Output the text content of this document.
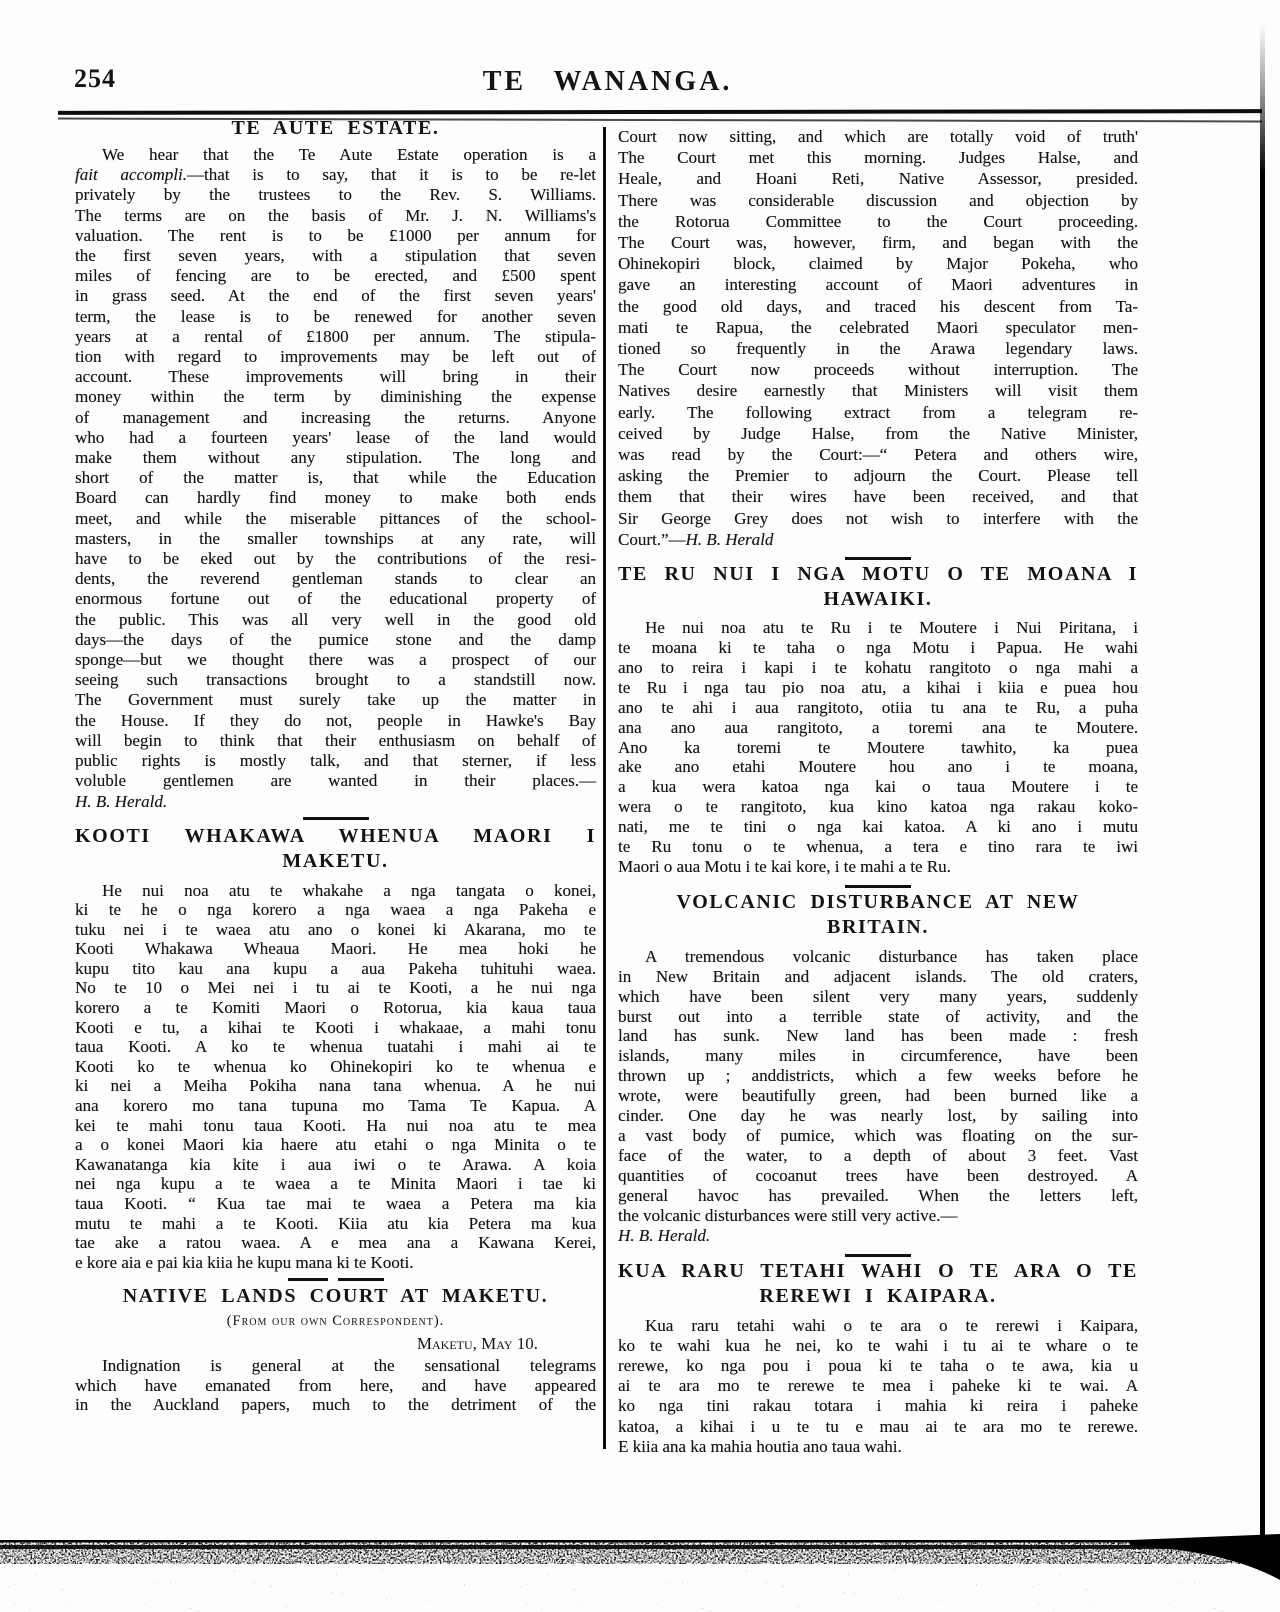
254	TE WANANGA.
TE AUTE ESTATE.
We hear that the Te Aute Estate operation is a
fait accompli.—that is to say, that it is to be re-let
privately by the trustees to the Rev. S. Williams.
The terms are on the basis of Mr. J. N. Williams's
valuation. The rent is to be £1000 per annum for
the first seven years, with a stipulation that seven
miles of fencing are to be erected, and £500 spent
in grass seed. At the end of the first seven years'
term, the lease is to be renewed for another seven
years at a rental of £1800 per annum. The stipula-
tion with regard to improvements may be left out of
account. These improvements will bring in their
money within the term by diminishing the expense
of management and increasing the returns. Anyone
who had a fourteen years' lease of the land would
make them without any stipulation. The long and
short of the matter is, that while the Education
Board can hardly find money to make both ends
meet, and while the miserable pittances of the school-
masters, in the smaller townships at any rate, will
have to be eked out by the contributions of the resi-
dents, the reverend gentleman stands to clear an
enormous fortune out of the educational property of
the public. This was all very well in the good old
days—the days of the pumice stone and the damp
sponge—but we thought there was a prospect of our
seeing such transactions brought to a standstill now.
The Government must surely take up the matter in
the House. If they do not, people in Hawke's Bay
will begin to think that their enthusiasm on behalf of
public rights is mostly talk, and that sterner, if less
voluble gentlemen are wanted in their places.—
H. B. Herald.
KOOTI WHAKAWA WHENUA MAORI I
MAKETU.
He nui noa atu te whakahe a nga tangata o konei,
ki te he o nga korero a nga waea a nga Pakeha e
tuku nei i te waea atu ano o konei ki Akarana, mo te
Kooti Whakawa Wheaua Maori. He mea hoki he
kupu tito kau ana kupu a aua Pakeha tuhituhi waea.
No te 10 o Mei nei i tu ai te Kooti, a he nui nga
korero a te Komiti Maori o Rotorua, kia kaua taua
Kooti e tu, a kihai te Kooti i whakaae, a mahi tonu
taua Kooti. A ko te whenua tuatahi i mahi ai te
Kooti ko te whenua ko Ohinekopiri ko te whenua e
ki nei a Meiha Pokiha nana tana whenua. A he nui
ana korero mo tana tupuna mo Tama Te Kapua. A
kei te mahi tonu taua Kooti. Ha nui noa atu te mea
a o konei Maori kia haere atu etahi o nga Minita o te
Kawanatanga kia kite i aua iwi o te Arawa. A koia
nei nga kupu a te waea a te Minita Maori i tae ki
taua Kooti. “ Kua tae mai te waea a Petera ma kia
mutu te mahi a te Kooti. Kiia atu kia Petera ma kua
tae ake a ratou waea. A e mea ana a Kawana Kerei,
e kore aia e pai kia kiia he kupu mana ki te Kooti.
NATIVE LANDS COURT AT MAKETU.
(From our own Correspondent).
Maketu, May 10.
Indignation is general at the sensational telegrams
which have emanated from here, and have appeared
in the Auckland papers, much to the detriment of the
Court now sitting, and which are totally void of truth'
The Court met this morning. Judges Halse, and
Heale, and Hoani Reti, Native Assessor, presided.
There was considerable discussion and objection by
the Rotorua Committee to the Court proceeding.
The Court was, however, firm, and began with the
Ohinekopiri block, claimed by Major Pokeha, who
gave an interesting account of Maori adventures in
the good old days, and traced his descent from Ta-
mati te Rapua, the celebrated Maori speculator men-
tioned so frequently in the Arawa legendary laws.
The Court now proceeds without interruption. The
Natives desire earnestly that Ministers will visit them
early. The following extract from a telegram re-
ceived by Judge Halse, from the Native Minister,
was read by the Court:—“ Petera and others wire,
asking the Premier to adjourn the Court. Please tell
them that their wires have been received, and that
Sir George Grey does not wish to interfere with the
Court.”—H. B. Herald
TE RU NUI I NGA MOTU O TE MOANA I
HAWAIKI.
He nui noa atu te Ru i te Moutere i Nui Piritana, i
te moana ki te taha o nga Motu i Papua. He wahi
ano to reira i kapi i te kohatu rangitoto o nga mahi a
te Ru i nga tau pio noa atu, a kihai i kiia e puea hou
ano te ahi i aua rangitoto, otiia tu ana te Ru, a puha
ana ano aua rangitoto, a toremi ana te Moutere.
Ano ka toremi te Moutere tawhito, ka puea
ake ano etahi Moutere hou ano i te moana,
a kua wera katoa nga kai o taua Moutere i te
wera o te rangitoto, kua kino katoa nga rakau koko-
nati, me te tini o nga kai katoa. A ki ano i mutu
te Ru tonu o te whenua, a tera e tino rara te iwi
Maori o aua Motu i te kai kore, i te mahi a te Ru.
VOLCANIC DISTURBANCE AT NEW
BRITAIN.
A tremendous volcanic disturbance has taken place
in New Britain and adjacent islands. The old craters,
which have been silent very many years, suddenly
burst out into a terrible state of activity, and the
land has sunk. New land has been made : fresh
islands, many miles in circumference, have been
thrown up ; anddistricts, which a few weeks before he
wrote, were beautifully green, had been burned like a
cinder. One day he was nearly lost, by sailing into
a vast body of pumice, which was floating on the sur-
face of the water, to a depth of about 3 feet. Vast
quantities of cocoanut trees have been destroyed. A
general havoc has prevailed. When the letters left,
the volcanic disturbances were still very active.—
H. B. Herald.
KUA RARU TETAHI WAHI O TE ARA O TE
REREWI I KAIPARA.
Kua raru tetahi wahi o te ara o te rerewi i Kaipara,
ko te wahi kua he nei, ko te wahi i tu ai te whare o te
rerewe, ko nga pou i poua ki te taha o te awa, kia u
ai te ara mo te rerewe te mea i paheke ki te wai. A
ko nga tini rakau totara i mahia ki reira i paheke
katoa, a kihai i u te tu e mau ai te ara mo te rerewe.
E kiia ana ka mahia houtia ano taua wahi.
